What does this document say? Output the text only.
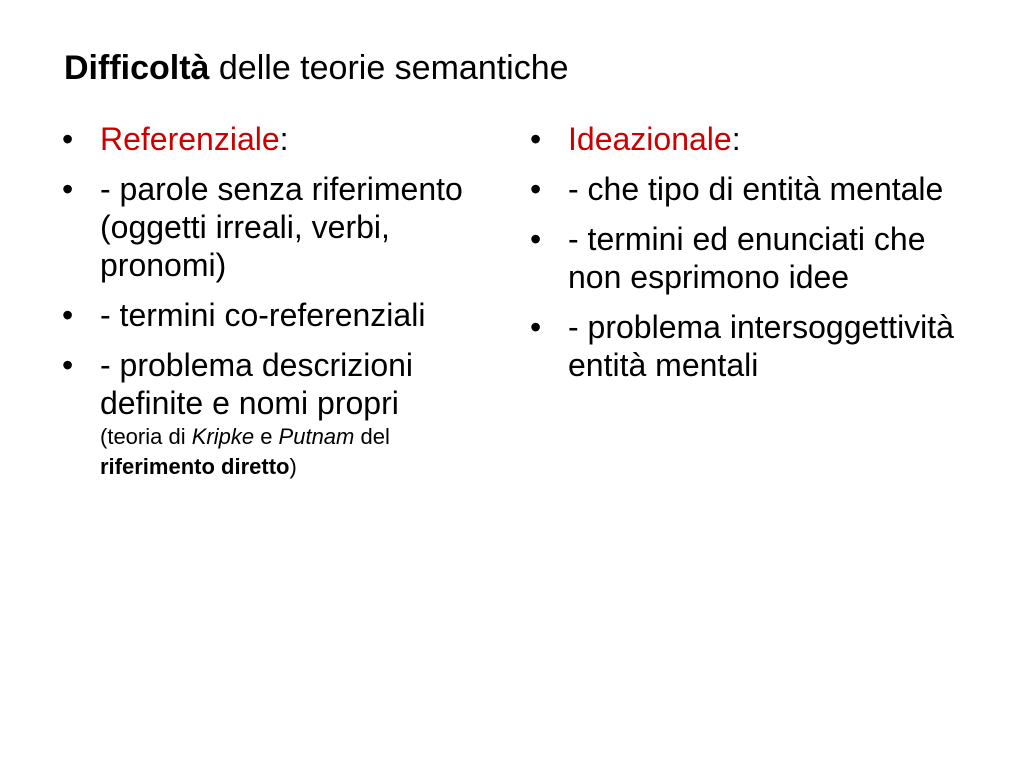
Difficoltà delle teorie semantiche
• Referenziale:
• - parole senza riferimento (oggetti irreali, verbi, pronomi)
• - termini co-referenziali
• - problema descrizioni definite e nomi propri
(teoria di Kripke e Putnam del
riferimento diretto)
• Ideazionale:
• - che tipo di entità mentale
• - termini ed enunciati che non esprimono idee
• - problema intersoggettività entità mentali
